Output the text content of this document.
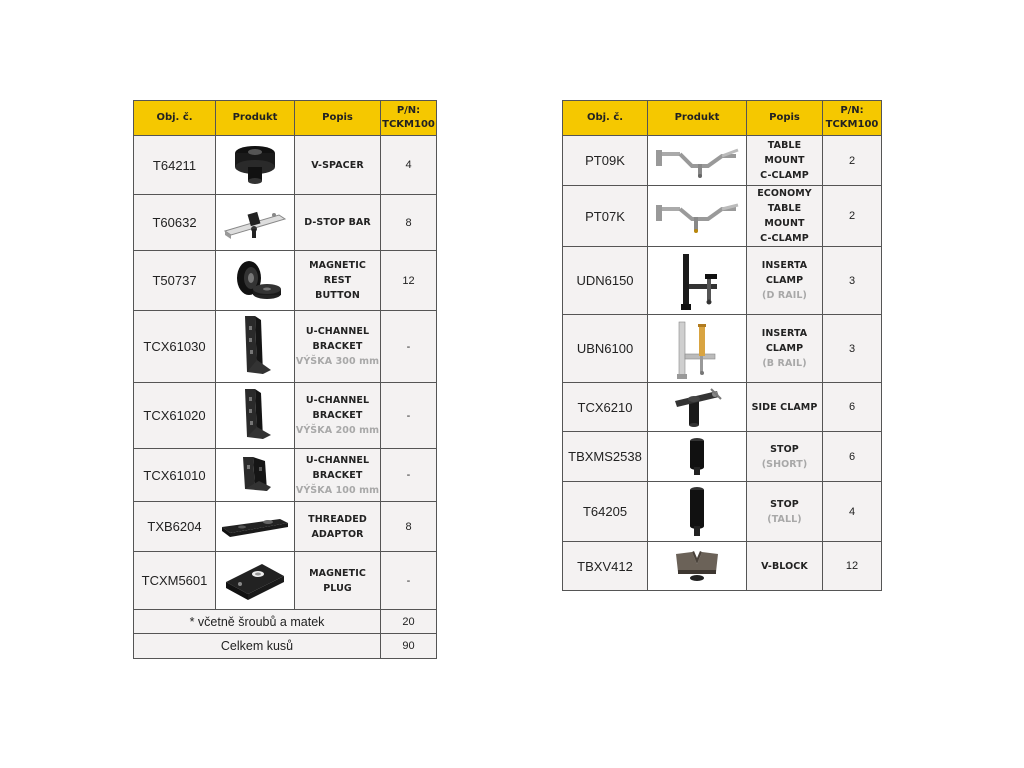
Obj. č.	Produkt	Popis	P/N:
TCKM100
T64211		V-SPACER	4
T60632		D-STOP BAR	8
T50737		MAGNETIC REST
BUTTON	12
TCX61030		U-CHANNEL
BRACKET
VÝŠKA 300 mm	-
TCX61020		U-CHANNEL
BRACKET
VÝŠKA 200 mm	-
TCX61010		U-CHANNEL
BRACKET
VÝŠKA 100 mm	-
TXB6204		THREADED
ADAPTOR	8
TCXM5601		MAGNETIC PLUG	-
* včetně šroubů a matek			20
Celkem kusů			90
Obj. č.	Produkt	Popis	P/N:
TCKM100
PT09K		TABLE MOUNT
C-CLAMP	2
PT07K		ECONOMY
TABLE MOUNT
C-CLAMP	2
UDN6150		INSERTA
CLAMP
(D RAIL)	3
UBN6100		INSERTA
CLAMP
(B RAIL)	3
TCX6210		SIDE CLAMP	6
TBXMS2538		STOP
(SHORT)	6
T64205		STOP
(TALL)	4
TBXV412		V-BLOCK	12
